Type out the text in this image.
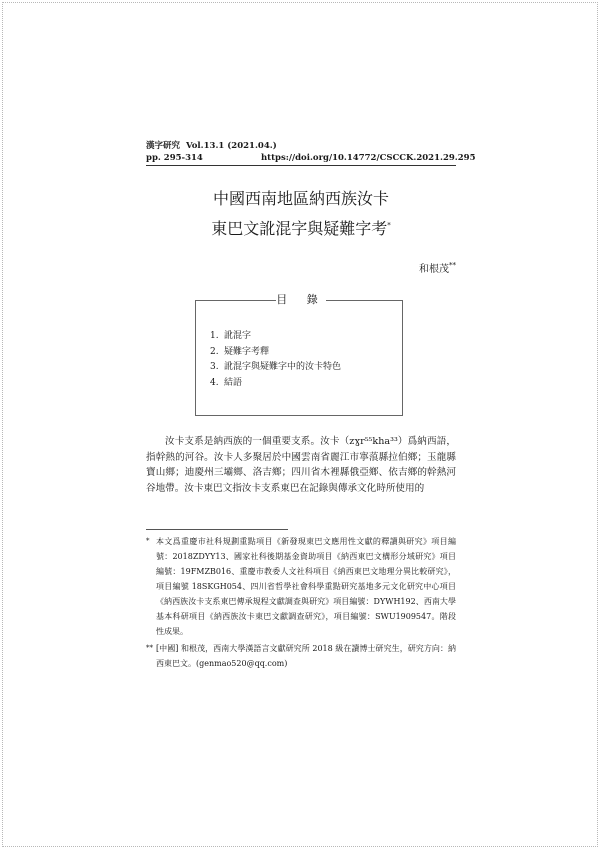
漢字研究 Vol.13.1 (2021.04.)
pp. 295-314	https://doi.org/10.14772/CSCCK.2021.29.295
中國西南地區納西族汝卡
東巴文訛混字與疑難字考*
和根茂**
目 錄
1. 訛混字
2. 疑難字考釋
3. 訛混字與疑難字中的汝卡特色
4. 結語

汝卡支系是納西族的一個重要支系。汝卡（zɣr⁵⁵kha³³）爲納西語，指幹熱的河谷。汝卡人多聚居於中國雲南省麗江市寧蒗縣拉伯鄉；玉龍縣寶山鄉；迪慶州三壩鄉、洛吉鄉；四川省木裡縣俄亞鄉、依吉鄉的幹熱河谷地帶。汝卡東巴文指汝卡支系東巴在記錄與傳承文化時所使用的

* 本文爲重慶市社科規劃重點項目《新發現東巴文應用性文獻的釋讀與研究》項目編號：2018ZDYY13、國家社科後期基金資助項目《納西東巴文構形分域研究》項目編號：19FMZB016、重慶市教委人文社科項目《納西東巴文地理分異比較研究》，項目編號 18SKGH054、四川省哲學社會科學重點研究基地多元文化研究中心項目《納西族汝卡支系東巴傳承規程文獻調查與研究》項目編號：DYWH192、西南大學基本科研項目《納西族汝卡東巴文獻調查研究》，項目編號：SWU1909547。階段性成果。
** [中國] 和根茂，西南大學漢語言文獻研究所 2018 級在讀博士研究生，研究方向：納西東巴文。(genmao520@qq.com)
